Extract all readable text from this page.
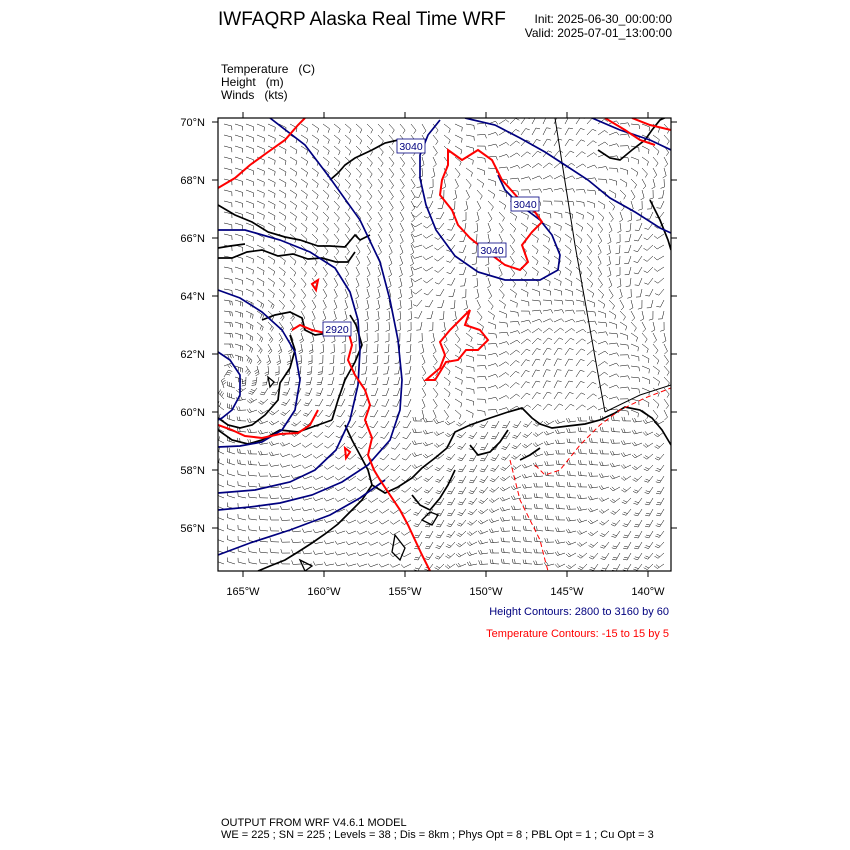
IWFAQRP Alaska Real Time WRF	Init: 2025-06-30_00:00:00
Valid: 2025-07-01_13:00:00
Temperature   (C)
Height   (m)
Winds   (kts)
3040
3040
3040
2920
70°N
68°N
66°N
64°N
62°N
60°N
58°N
56°N
165°W	160°W	155°W	150°W	145°W	140°W
Height Contours: 2800 to 3160 by 60
Temperature Contours: -15 to 15 by 5
OUTPUT FROM WRF V4.6.1 MODEL
WE = 225 ; SN = 225 ; Levels = 38 ; Dis = 8km ; Phys Opt = 8 ; PBL Opt = 1 ; Cu Opt = 3
